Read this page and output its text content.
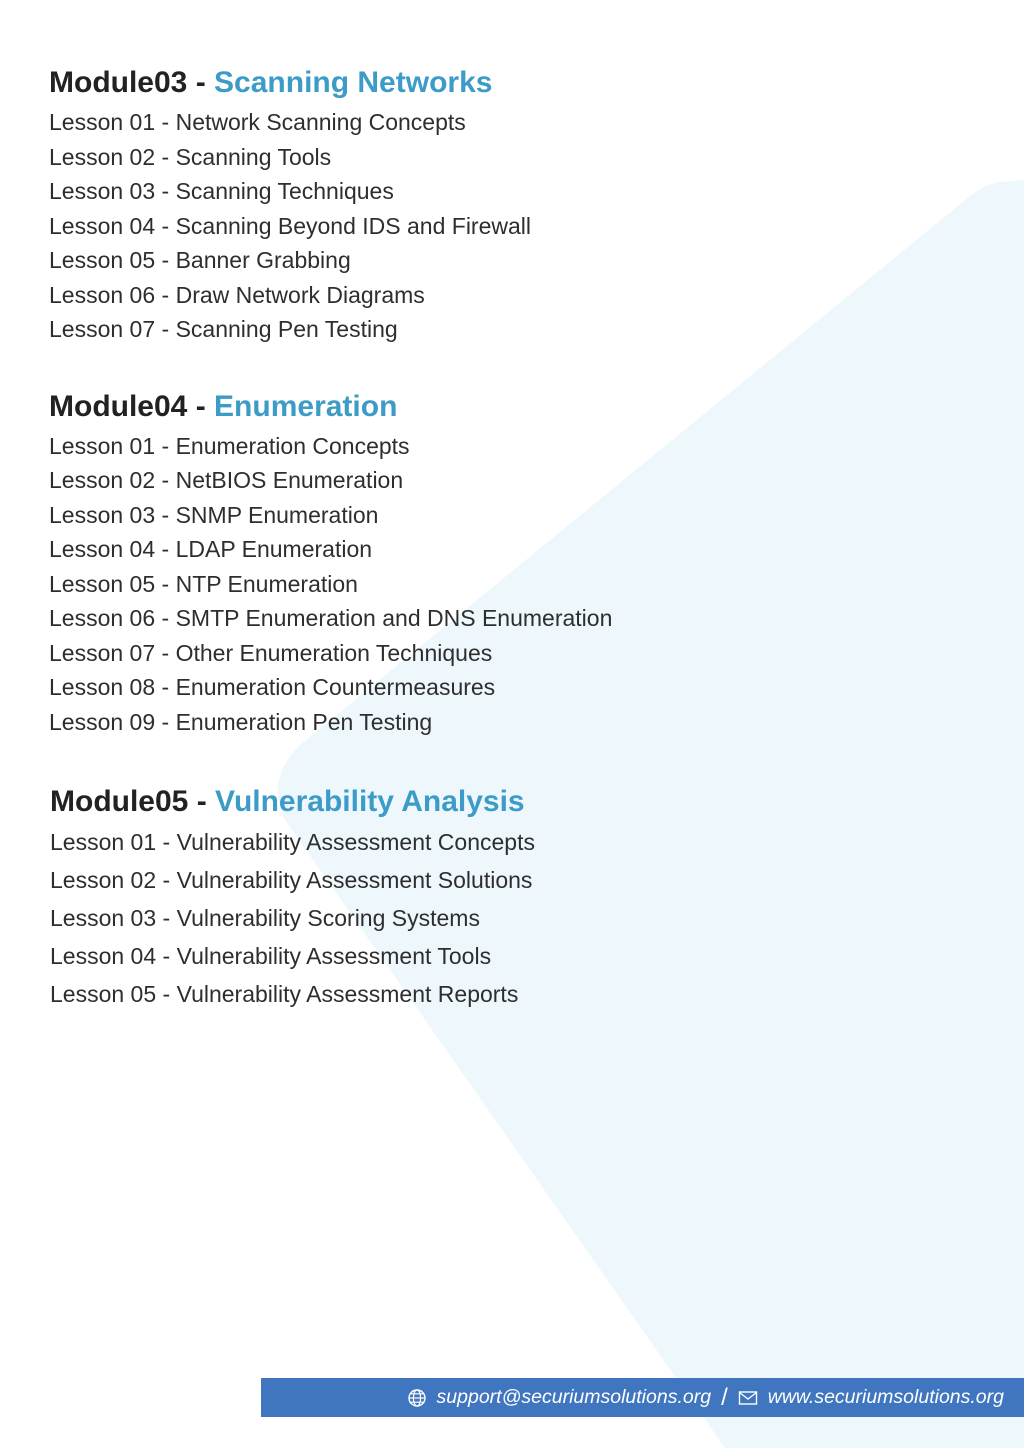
Module03 - Scanning Networks
Lesson 01 - Network Scanning Concepts
Lesson 02 - Scanning Tools
Lesson 03 - Scanning Techniques
Lesson 04 - Scanning Beyond IDS and Firewall
Lesson 05 - Banner Grabbing
Lesson 06 - Draw Network Diagrams
Lesson 07 - Scanning Pen Testing
Module04 - Enumeration
Lesson 01 - Enumeration Concepts
Lesson 02 - NetBIOS Enumeration
Lesson 03 - SNMP Enumeration
Lesson 04 - LDAP Enumeration
Lesson 05 - NTP Enumeration
Lesson 06 - SMTP Enumeration and DNS Enumeration
Lesson 07 - Other Enumeration Techniques
Lesson 08 - Enumeration Countermeasures
Lesson 09 - Enumeration Pen Testing
Module05 - Vulnerability Analysis
Lesson 01 - Vulnerability Assessment Concepts
Lesson 02 - Vulnerability Assessment Solutions
Lesson 03 - Vulnerability Scoring Systems
Lesson 04 - Vulnerability Assessment Tools
Lesson 05 - Vulnerability Assessment Reports
support@securiumsolutions.org / www.securiumsolutions.org
